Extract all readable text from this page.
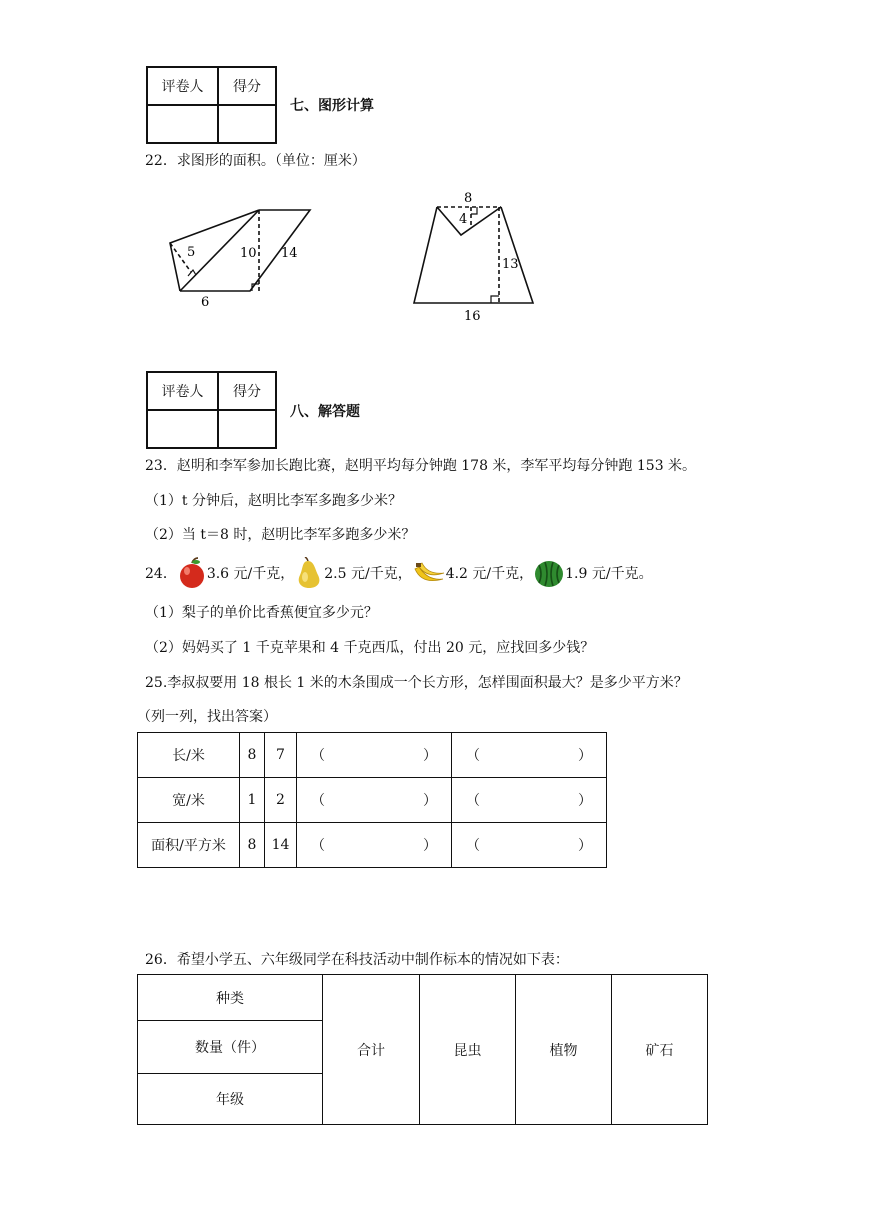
评卷人	得分

七、图形计算
22．求图形的面积。（单位：厘米）
5	10 14
6
8
4
13
16
评卷人	得分

八、解答题
23．赵明和李军参加长跑比赛，赵明平均每分钟跑 178 米，李军平均每分钟跑 153 米。
（1）t 分钟后，赵明比李军多跑多少米？
（2）当 t＝8 时，赵明比李军多跑多少米？
24． 3.6 元/千克， 2.5 元/千克， 4.2 元/千克， 1.9 元/千克。
（1）梨子的单价比香蕉便宜多少元？
（2）妈妈买了 1 千克苹果和 4 千克西瓜，付出 20 元，应找回多少钱？
25.李叔叔要用 18 根长 1 米的木条围成一个长方形，怎样围面积最大？是多少平方米？
（列一列，找出答案）
长/米	8	7	（ ）	（ ）

宽/米	1	2	（ ）	（ ）

面积/平方米	8	14	（ ）	（ ）
26．希望小学五、六年级同学在科技活动中制作标本的情况如下表：
种类	合计	昆虫	植物	矿石
数量（件）
年级
